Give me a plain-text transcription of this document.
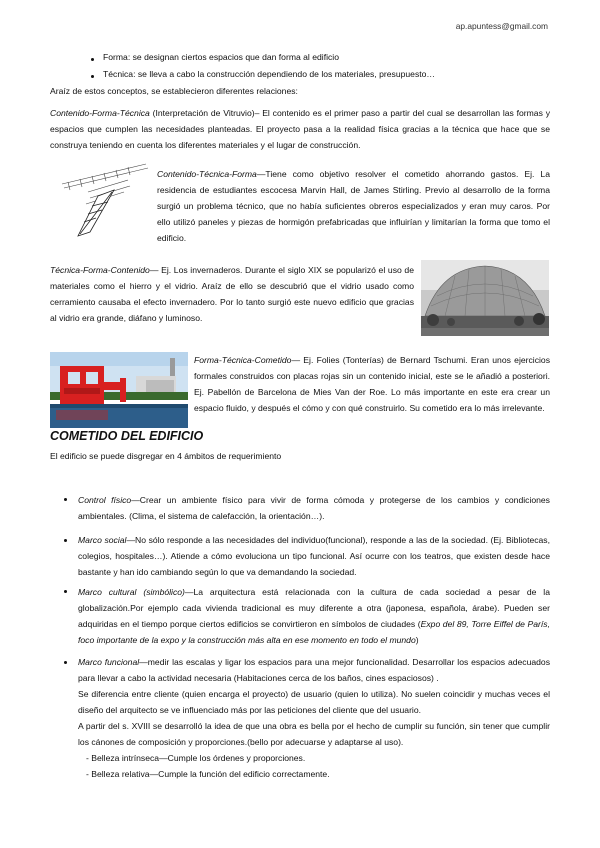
ap.apuntess@gmail.com

Forma: se designan ciertos espacios que dan forma al edificio

Técnica: se lleva a cabo la construcción dependiendo de los materiales, presupuesto…

Araíz de estos conceptos, se establecieron diferentes relaciones:

Contenido-Forma-Técnica (Interpretación de Vitruvio)– El contenido es el primer paso a partir del cual se desarrollan las formas y espacios que cumplen las necesidades planteadas. El proyecto pasa a la realidad física gracias a la técnica que hace que se construya teniendo en cuenta los diferentes materiales y el lugar de construcción.

Contenido-Técnica-Forma—Tiene como objetivo resolver el cometido ahorrando gastos. Ej. La residencia de estudiantes escocesa Marvin Hall, de James Stirling. Previo al desarrollo de la forma surgió un problema técnico, que no había suficientes obreros especializados y eran muy caros. Por ello utilizó paneles y piezas de hormigón prefabricadas que influirían y limitarían la forma que tomo el edificio.

Técnica-Forma-Contenido— Ej. Los invernaderos. Durante el siglo XIX se popularizó el uso de materiales como el hierro y el vidrio. Araíz de ello se descubrió que el vidrio usado como cerramiento causaba el efecto invernadero. Por lo tanto surgió este nuevo edificio que gracias al vidrio era grande, diáfano y luminoso.

Forma-Técnica-Cometido— Ej. Folies (Tonterías) de Bernard Tschumi. Eran unos ejercicios formales construidos con placas rojas sin un contenido inicial, este se le añadió a posteriori. Ej. Pabellón de Barcelona de Mies Van der Roe. Lo más importante en este era crear un espacio fluido, y después el cómo y con qué construirlo. Su cometido era lo más irrelevante.

COMETIDO DEL EDIFICIO

El edificio se puede disgregar en 4 ámbitos de requerimiento

Control físico—Crear un ambiente físico para vivir de forma cómoda y protegerse de los cambios y condiciones ambientales. (Clima, el sistema de calefacción, la orientación…).

Marco social—No sólo responde a las necesidades del individuo(funcional), responde a las de la sociedad. (Ej. Bibliotecas, colegios, hospitales…). Atiende a cómo evoluciona un tipo funcional. Así ocurre con los teatros, que existen desde hace bastante y han ido cambiando según lo que va demandando la sociedad.

Marco cultural (simbólico)—La arquitectura está relacionada con la cultura de cada sociedad a pesar de la globalización.Por ejemplo cada vivienda tradicional es muy diferente a otra (japonesa, española, árabe). Pueden ser adquiridas en el tiempo porque ciertos edificios se convirtieron en símbolos de ciudades (Expo del 89, Torre Eiffel de París, foco importante de la expo y la construcción más alta en ese momento en todo el mundo)

Marco funcional—medir las escalas y ligar los espacios para una mejor funcionalidad. Desarrollar los espacios adecuados para llevar a cabo la actividad necesaria (Habitaciones cerca de los baños, cines espaciosos) .

Se diferencia entre cliente (quien encarga el proyecto) de usuario (quien lo utiliza). No suelen coincidir y muchas veces el diseño del arquitecto se ve influenciado más por las peticiones del cliente que del usuario.

A partir del s. XVIII se desarrolló la idea de que una obra es bella por el hecho de cumplir su función, sin tener que cumplir los cánones de composición y proporciones.(bello por adecuarse y adaptarse al uso).

- Belleza intrínseca—Cumple los órdenes y proporciones.

- Belleza relativa—Cumple la función del edificio correctamente.
